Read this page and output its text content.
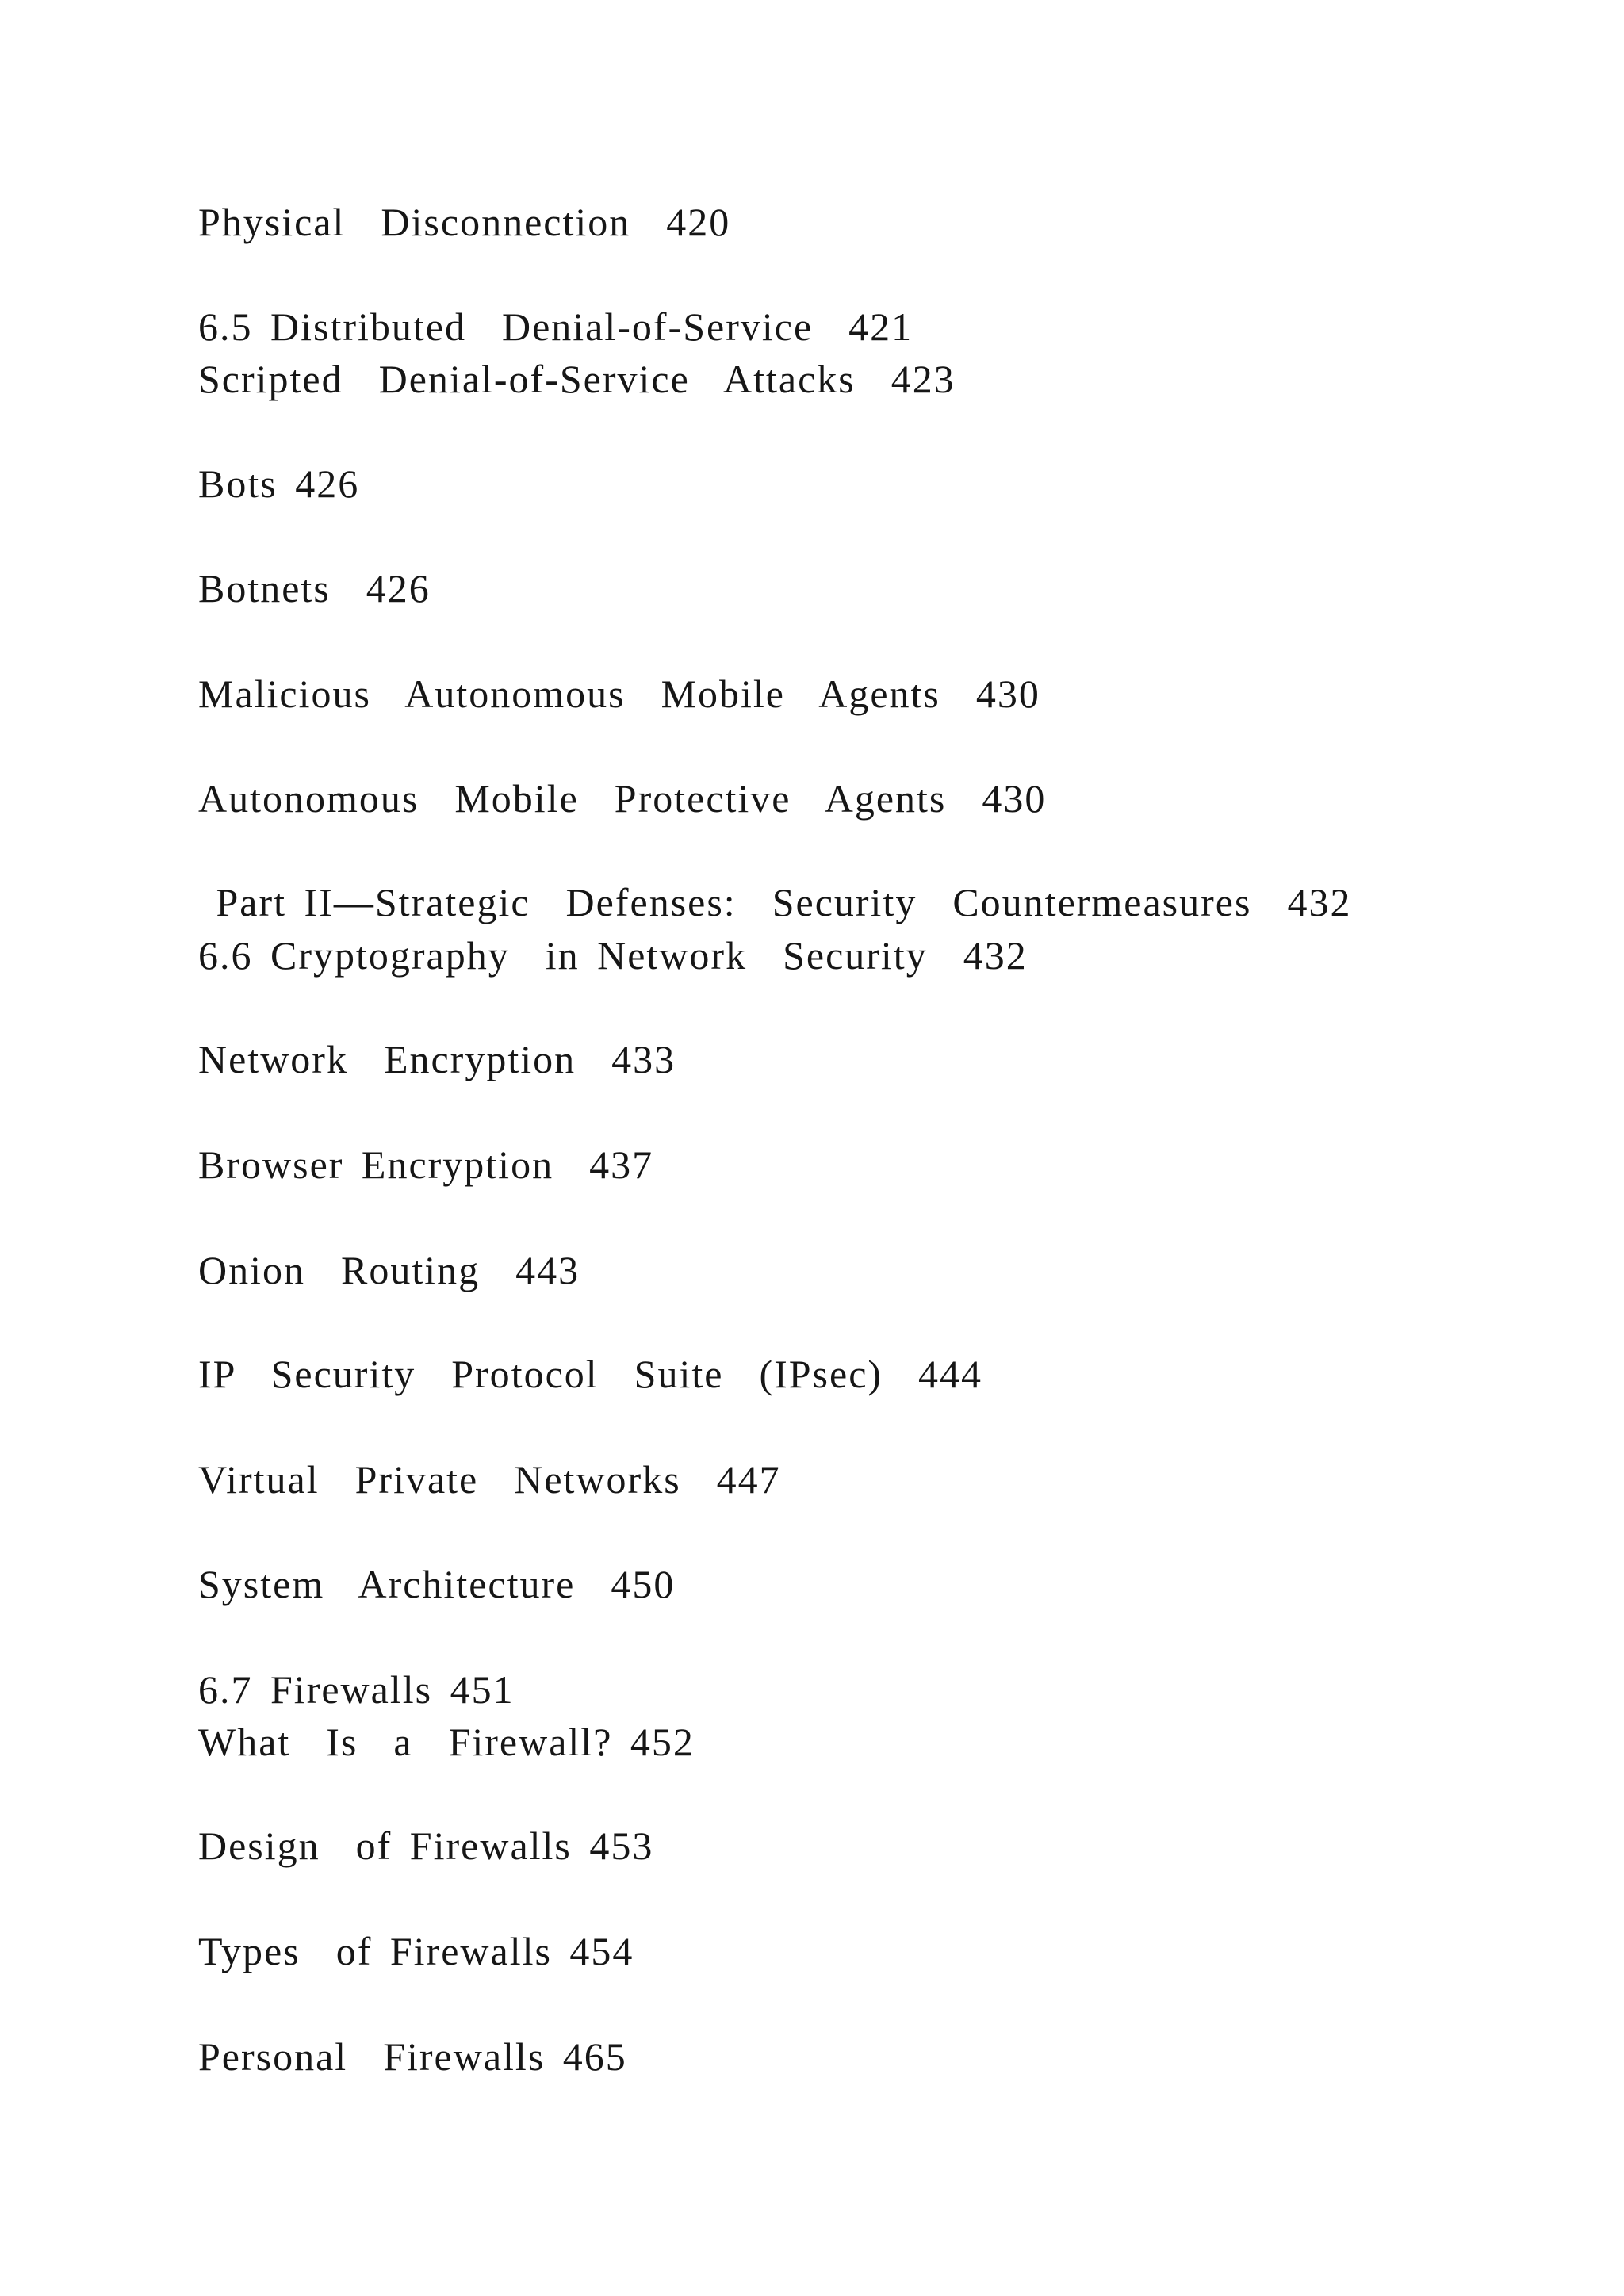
Physical  Disconnection  420
6.5 Distributed  Denial-of-Service  421
Scripted  Denial-of-Service  Attacks  423
Bots 426
Botnets  426
Malicious  Autonomous  Mobile  Agents  430
Autonomous  Mobile  Protective  Agents  430
Part II—Strategic  Defenses:  Security  Countermeasures  432
6.6 Cryptography  in Network  Security  432
Network  Encryption  433
Browser Encryption  437
Onion  Routing  443
IP  Security  Protocol  Suite  (IPsec)  444
Virtual  Private  Networks  447
System  Architecture  450
6.7 Firewalls 451
What  Is  a  Firewall? 452
Design  of Firewalls 453
Types  of Firewalls 454
Personal  Firewalls 465
